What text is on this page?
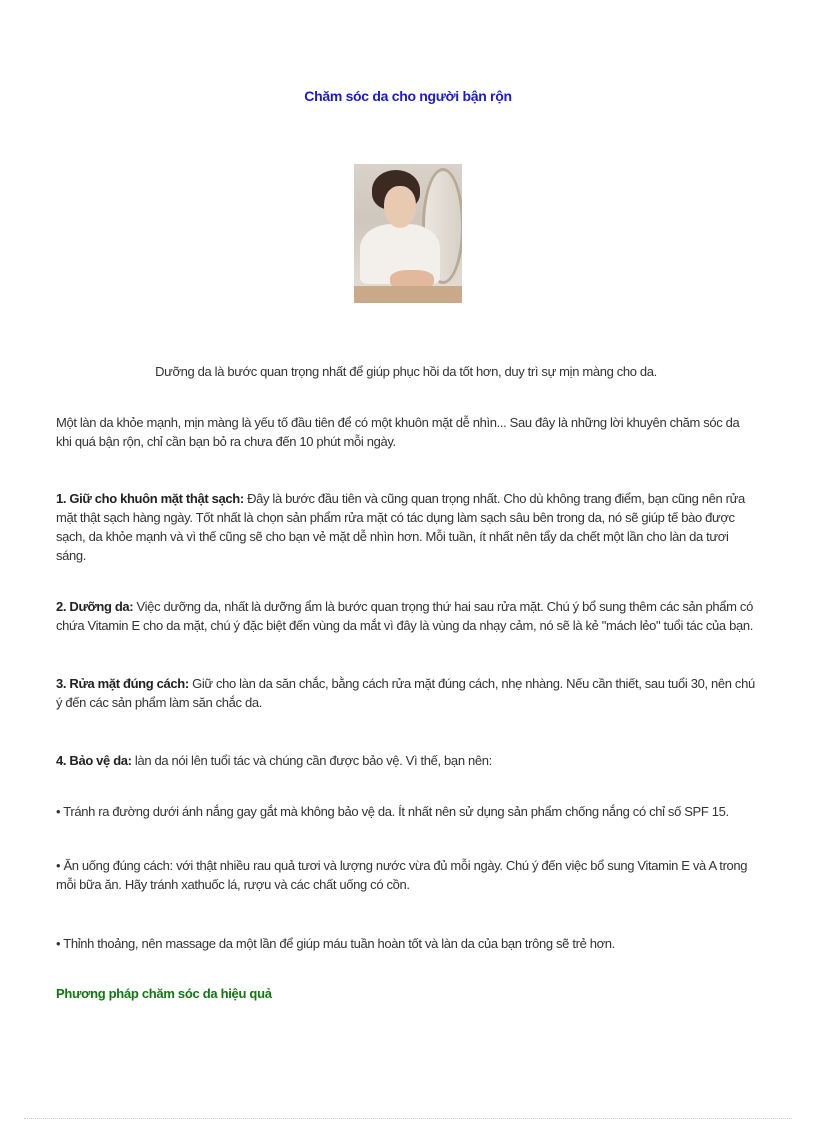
Chăm sóc da cho người bận rộn

Dưỡng da là bước quan trọng nhất để giúp phục hồi da tốt hơn, duy trì sự mịn màng cho da.

Một làn da khỏe mạnh, mịn màng là yếu tố đầu tiên để có một khuôn mặt dễ nhìn... Sau đây là những lời khuyên chăm sóc da khi quá bận rộn, chỉ cần bạn bỏ ra chưa đến 10 phút mỗi ngày.

1. Giữ cho khuôn mặt thật sạch: Đây là bước đầu tiên và cũng quan trọng nhất. Cho dù không trang điểm, bạn cũng nên rửa mặt thật sạch hàng ngày. Tốt nhất là chọn sản phẩm rửa mặt có tác dụng làm sạch sâu bên trong da, nó sẽ giúp tế bào được sạch, da khỏe mạnh và vì thế cũng sẽ cho bạn vẻ mặt dễ nhìn hơn. Mỗi tuần, ít nhất nên tẩy da chết một lần cho làn da tươi sáng.

2. Dưỡng da: Việc dưỡng da, nhất là dưỡng ẩm là bước quan trọng thứ hai sau rửa mặt. Chú ý bổ sung thêm các sản phẩm có chứa Vitamin E cho da mặt, chú ý đặc biệt đến vùng da mắt vì đây là vùng da nhạy cảm, nó sẽ là kẻ "mách lẻo" tuổi tác của bạn.

3. Rửa mặt đúng cách: Giữ cho làn da săn chắc, bằng cách rửa mặt đúng cách, nhẹ nhàng. Nếu cần thiết, sau tuổi 30, nên chú ý đến các sản phẩm làm săn chắc da.

4. Bảo vệ da: làn da nói lên tuổi tác và chúng cần được bảo vệ. Vì thế, bạn nên:

• Tránh ra đường dưới ánh nắng gay gắt mà không bảo vệ da. Ít nhất nên sử dụng sản phẩm chống nắng có chỉ số SPF 15.

• Ăn uống đúng cách: với thật nhiều rau quả tươi và lượng nước vừa đủ mỗi ngày. Chú ý đến việc bổ sung Vitamin E và A trong mỗi bữa ăn. Hãy tránh xathuốc lá, rượu và các chất uống có cồn.

• Thỉnh thoảng, nên massage da một lần để giúp máu tuần hoàn tốt và làn da của bạn trông sẽ trẻ hơn.

Phương pháp chăm sóc da hiệu quả
